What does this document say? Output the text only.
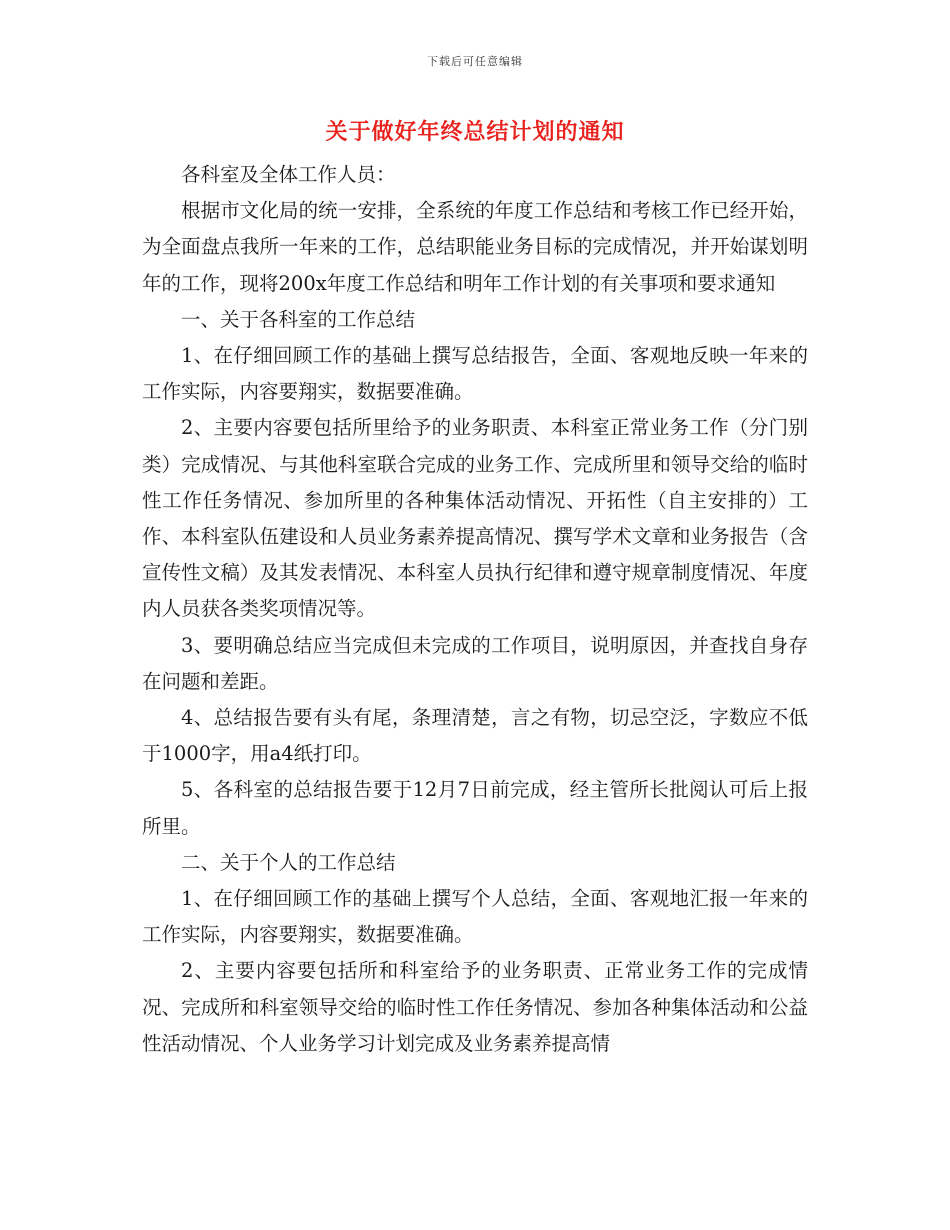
下载后可任意编辑
关于做好年终总结计划的通知

各科室及全体工作人员：

根据市文化局的统一安排，全系统的年度工作总结和考核工作已经开始，为全面盘点我所一年来的工作，总结职能业务目标的完成情况，并开始谋划明年的工作，现将200x年度工作总结和明年工作计划的有关事项和要求通知

一、关于各科室的工作总结

1、在仔细回顾工作的基础上撰写总结报告，全面、客观地反映一年来的工作实际，内容要翔实，数据要准确。

2、主要内容要包括所里给予的业务职责、本科室正常业务工作（分门别类）完成情况、与其他科室联合完成的业务工作、完成所里和领导交给的临时性工作任务情况、参加所里的各种集体活动情况、开拓性（自主安排的）工作、本科室队伍建设和人员业务素养提高情况、撰写学术文章和业务报告（含宣传性文稿）及其发表情况、本科室人员执行纪律和遵守规章制度情况、年度内人员获各类奖项情况等。

3、要明确总结应当完成但未完成的工作项目，说明原因，并查找自身存在问题和差距。

4、总结报告要有头有尾，条理清楚，言之有物，切忌空泛，字数应不低于1000字，用a4纸打印。

5、各科室的总结报告要于12月7日前完成，经主管所长批阅认可后上报所里。

二、关于个人的工作总结

1、在仔细回顾工作的基础上撰写个人总结，全面、客观地汇报一年来的工作实际，内容要翔实，数据要准确。

2、主要内容要包括所和科室给予的业务职责、正常业务工作的完成情况、完成所和科室领导交给的临时性工作任务情况、参加各种集体活动和公益性活动情况、个人业务学习计划完成及业务素养提高情
